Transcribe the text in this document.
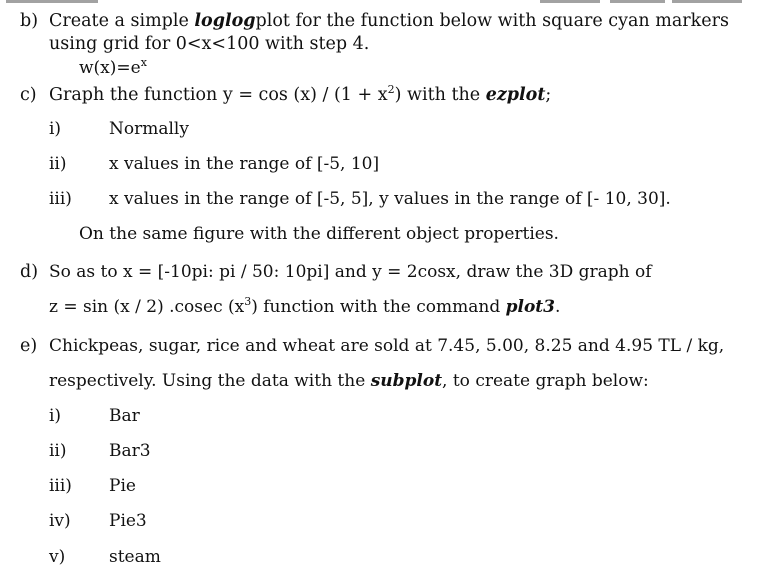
b) Create a simple loglogplot for the function below with square cyan markers
using grid for 0<x<100 with step 4.
$w(x)=e^x$
c) Graph the function $y = \cos (x) / (1 + x^2)$ with the ezplot;
i)	Normally
ii) x values in the range of [-5, 10]
iii) x values in the range of [-5, 5], y values in the range of [- 10, 30].
On the same figure with the different object properties.
d) So as to x = [-10pi: pi / 50: 10pi] and y = 2cosx, draw the 3D graph of
z = sin (x / 2) .cosec $(x^3)$ function with the command plot3.
e) Chickpeas, sugar, rice and wheat are sold at 7.45, 5.00, 8.25 and 4.95 TL / kg,
respectively. Using the data with the subplot, to create graph below:
i)	Bar
ii) Bar3
iii) Pie
iv) Pie3
v)	steam
